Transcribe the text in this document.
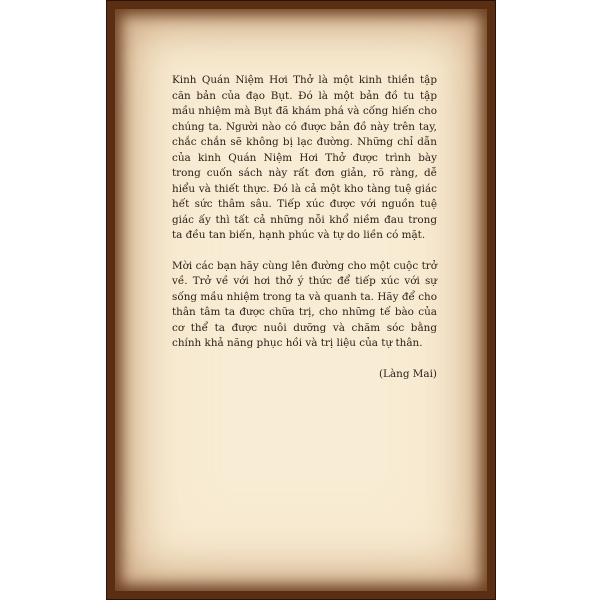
Kinh Quán Niệm Hơi Thở là một kinh thiền tập căn bản của đạo Bụt. Đó là một bản đồ tu tập mầu nhiệm mà Bụt đã khám phá và cống hiến cho chúng ta. Người nào có được bản đồ này trên tay, chắc chắn sẽ không bị lạc đường. Những chỉ dẫn của kinh Quán Niệm Hơi Thở được trình bày trong cuốn sách này rất đơn giản, rõ ràng, dễ hiểu và thiết thực. Đó là cả một kho tàng tuệ giác hết sức thâm sâu. Tiếp xúc được với nguồn tuệ giác ấy thì tất cả những nỗi khổ niềm đau trong ta đều tan biến, hạnh phúc và tự do liền có mặt.

Mời các bạn hãy cùng lên đường cho một cuộc trở về. Trở về với hơi thở ý thức để tiếp xúc với sự sống mầu nhiệm trong ta và quanh ta. Hãy để cho thân tâm ta được chữa trị, cho những tế bào của cơ thể ta được nuôi dưỡng và chăm sóc bằng chính khả năng phục hồi và trị liệu của tự thân.

(Làng Mai)
